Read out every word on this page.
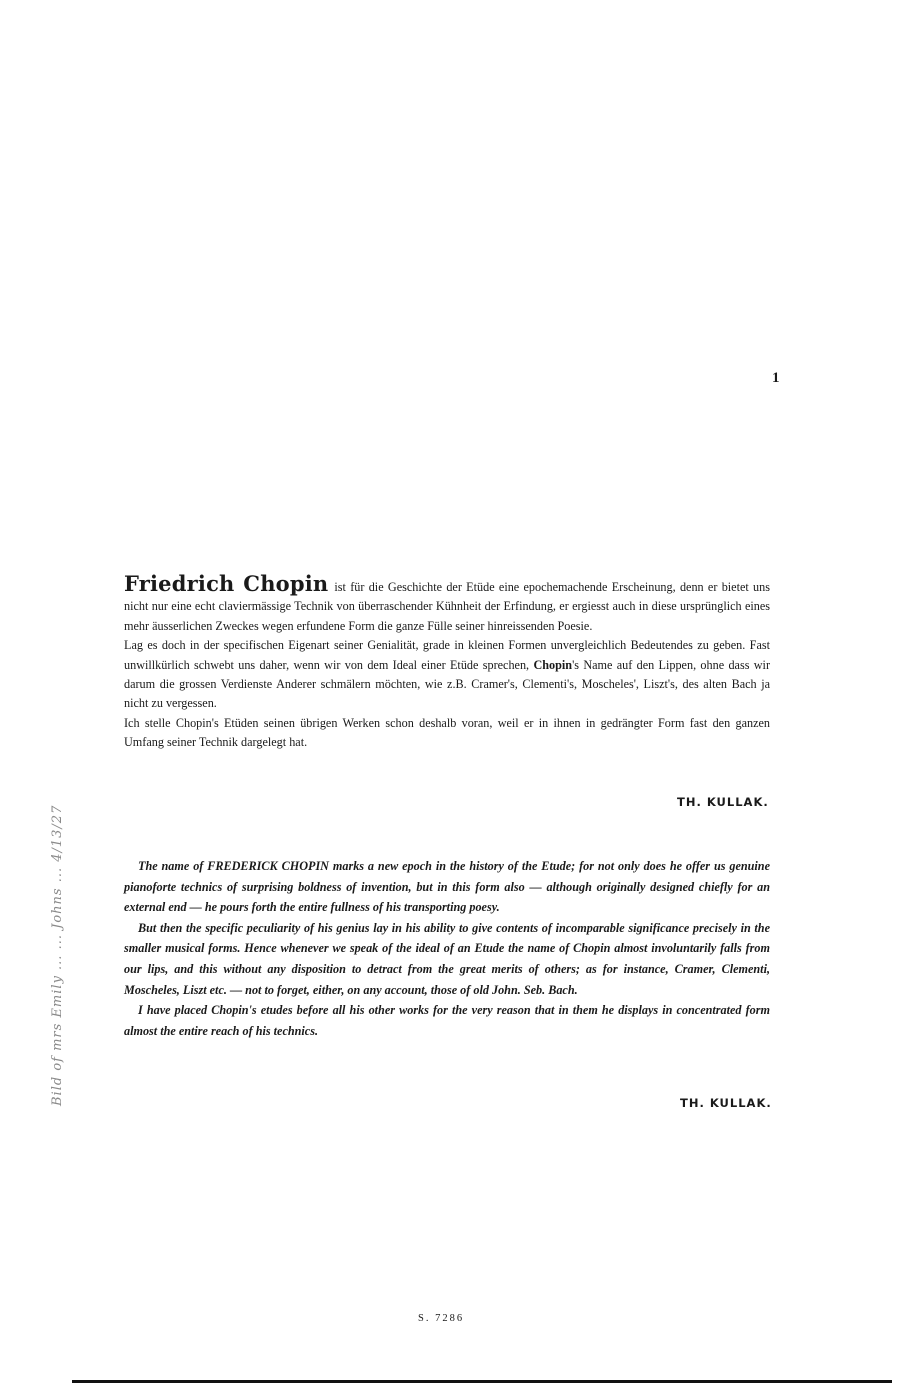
1

Bild of mrs Emily ... ... Johns ... 4/13/27

Friedrich Chopin ist für die Geschichte der Etüde eine epochemachende Erscheinung, denn er bietet uns nicht nur eine echt claviermässige Technik von überraschender Kühnheit der Erfindung, er ergiesst auch in diese ursprünglich eines mehr äusserlichen Zweckes wegen erfundene Form die ganze Fülle seiner hinreissenden Poesie.

Lag es doch in der specifischen Eigenart seiner Genialität, grade in kleinen Formen unvergleichlich Bedeutendes zu geben. Fast unwillkürlich schwebt uns daher, wenn wir von dem Ideal einer Etüde sprechen, Chopin's Name auf den Lippen, ohne dass wir darum die grossen Verdienste Anderer schmälern möchten, wie z.B. Cramer's, Clementi's, Moscheles', Liszt's, des alten Bach ja nicht zu vergessen.

Ich stelle Chopin's Etüden seinen übrigen Werken schon deshalb voran, weil er in ihnen in gedrängter Form fast den ganzen Umfang seiner Technik dargelegt hat.

TH. KULLAK.

The name of FREDERICK CHOPIN marks a new epoch in the history of the Etude; for not only does he offer us genuine pianoforte technics of surprising boldness of invention, but in this form also — although originally designed chiefly for an external end — he pours forth the entire fullness of his transporting poesy.

But then the specific peculiarity of his genius lay in his ability to give contents of incomparable significance precisely in the smaller musical forms. Hence whenever we speak of the ideal of an Etude the name of Chopin almost involuntarily falls from our lips, and this without any disposition to detract from the great merits of others; as for instance, Cramer, Clementi, Moscheles, Liszt etc. — not to forget, either, on any account, those of old John. Seb. Bach.

I have placed Chopin's etudes before all his other works for the very reason that in them he displays in concentrated form almost the entire reach of his technics.

TH. KULLAK.

S. 7286
